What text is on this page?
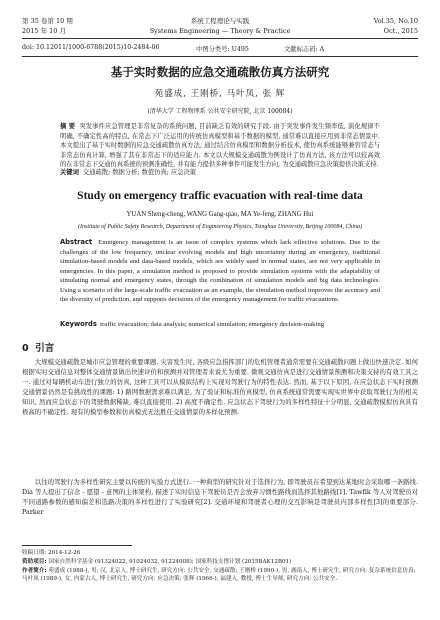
第 35 卷第 10 期	系统工程理论与实践	Vol.35, No.10
2015 年 10 月	Systems Engineering — Theory & Practice	Oct., 2015
doi: 10.12011/1000-6788(2015)10-2484-06	中图分类号: U495	文献标志码: A
基于实时数据的应急交通疏散仿真方法研究
苑盛成, 王刚桥, 马叶凤, 张 辉
(清华大学 工程物理系 公共安全研究院, 北京 100084)
摘 要 突发事件应急管理是非常复杂的系统问题, 目前缺乏有效的研究手段. 由于突发事件发生频率低, 演化规律不明确, 不确定性高的特点, 在常态下广泛运用的传统仿真模型和基于数据的模型, 通常难以直接应用到非常态情景中. 本文提出了基于实时数据的应急交通疏散仿真方法, 通过结合仿真模型和数据分析技术, 使仿真系统能够兼容常态与非常态仿真计算, 增强了其在非常态下的适应能力. 本文以大规模交通疏散为例设计了仿真方法, 该方法可以较高效的在非常态下交通仿真系统的预测准确性, 并有能力提供多种事件可能发生方向, 为交通疏散应急决策提供决策支持.
关键词 交通疏散; 数据分析; 数值仿真; 应急决策
Study on emergency traffic evacuation with real-time data
YUAN Sheng-cheng, WANG Gang-qiao, MA Ye-feng, ZHANG Hui
(Institute of Public Safety Research, Department of Engineering Physics, Tsinghua University, Beijing 100084, China)
Abstract Emergency management is an issue of complex systems which lack effective solutions. Due to the challenges of the low frequency, unclear evolving models and high uncertainty during an emergency, traditional simulation-based models and data-based models, which are widely used in normal states, are not very applicable in emergencies. In this paper, a simulation method is proposed to provide simulation systems with the adaptability of simulating normal and emergency states, through the combination of simulation models and big data technologies. Using a scenario of the large-scale traffic evacuation as an example, the simulation method improves the accuracy and the diversity of prediction, and supports decisions of the emergency management for traffic evacuations.
Keywords traffic evacuation; data analysis; numerical simulation; emergency decision-making
0 引言
大规模交通疏散是城市应急管理的重要课题. 灾害发生时, 各级应急指挥部门的危机管理者通常需要在交通疏散问题上做出快速决定. 如何根据实时交通信息对整体交通情景做出快速评价和预测并对管理者来说尤为重要. 微观交通仿真是进行交通情景预测和决策支持的有效工具之一. 通过对每辆机动车进行独立的仿真, 这种工具可以从模拟结构上实现对驾驶行为的特性表达. 然而, 基于以下原因, 在应急状态下实时预测交通情景仍然是有挑战性的课题: 1) 路网数据需求难以满足, 为了验证和标准仿真模型, 仿真系统通常需要实现实世界中获取驾驶行为的相关知识, 然而应急状态下的驾驶数据稀缺, 难以直接使用. 2) 高度不确定性. 应急状态下驾驶行为的多样性特征十分明显, 交通疏散模拟仿真具有极高的不确定性. 现有的模型参数和仿真模式无法胜任交通情景的多样化预测.
以往的驾驶行为多样性研究主要以传统的实验方式进行. 一种典型的研究针对于选择行为, 即驾驶员在希望到达某地时会采取哪一条路线. Dia 等人提出了信念 - 愿望 - 意图的主体架构, 描述了实时信息下驾驶员是否会放弃习惯性路线而选择其他路线[1]. Tawfik 等人对驾驶员对不同道路参数的感知偏差和选路决策的多样性进行了实验研究[2]. 交通环境和驾驶者心理的交互影响是驾驶员内部多样性[3]的重要部分. Parker
收稿日期: 2014-12-26
资助项目: 国家自然科学基金 (91324022, 91024032, 91224008); 国家科技支撑计划 (2015BAK12B01)
作者简介: 苑盛成 (1988-), 男, 汉, 北京人, 博士研究生, 研究方向: 公共安全, 交通疏散; 王刚桥 (1990-), 男, 湖南人, 博士研究生, 研究方向: 复杂系统信息仿真; 马叶凤 (1989-), 女, 内蒙古人, 博士研究生, 研究方向: 应急决策; 张辉 (1966-), 福建人, 教授, 博士生导师, 研究方向: 公共安全.
